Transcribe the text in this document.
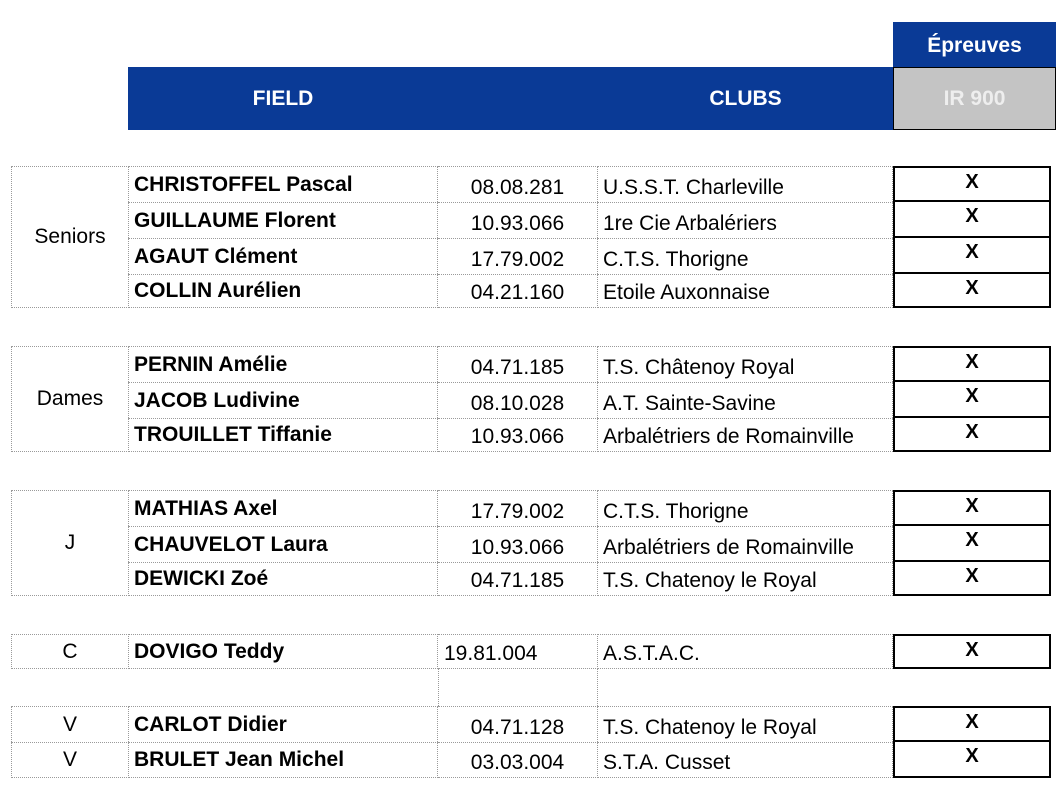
Épreuves
FIELD	CLUBS	IR 900
Seniors
CHRISTOFFEL Pascal	08.08.281	U.S.S.T. Charleville	X
GUILLAUME Florent	10.93.066	1re Cie Arbalériers	X
AGAUT Clément	17.79.002	C.T.S. Thorigne	X
COLLIN Aurélien	04.21.160	Etoile Auxonnaise	X
Dames
PERNIN Amélie	04.71.185	T.S. Châtenoy Royal	X
JACOB Ludivine	08.10.028	A.T. Sainte-Savine	X
TROUILLET Tiffanie	10.93.066	Arbalétriers de Romainville	X
J
MATHIAS Axel	17.79.002	C.T.S. Thorigne	X
CHAUVELOT Laura	10.93.066	Arbalétriers de Romainville	X
DEWICKI Zoé	04.71.185	T.S. Chatenoy le Royal	X
C	DOVIGO Teddy	19.81.004	A.S.T.A.C.	X
V	CARLOT Didier	04.71.128	T.S. Chatenoy le Royal	X
V	BRULET Jean Michel	03.03.004	S.T.A. Cusset	X
